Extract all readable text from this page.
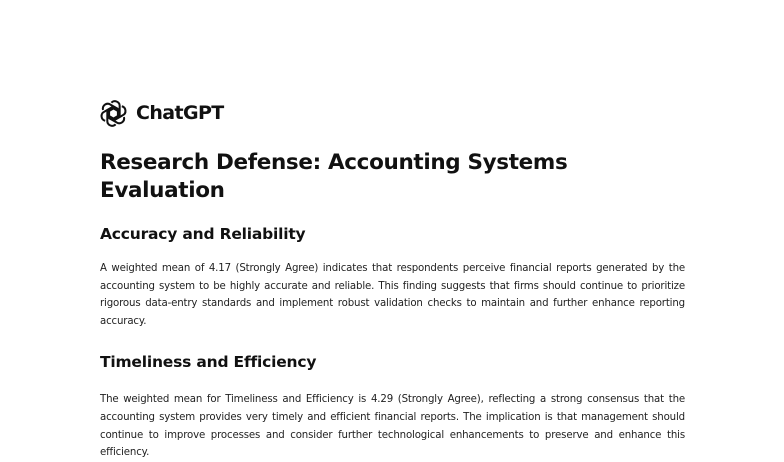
ChatGPT
Research Defense: Accounting Systems Evaluation
Accuracy and Reliability

A weighted mean of 4.17 (Strongly Agree) indicates that respondents perceive financial reports generated by the accounting system to be highly accurate and reliable. This finding suggests that firms should continue to prioritize rigorous data-entry standards and implement robust validation checks to maintain and further enhance reporting accuracy.

Timeliness and Efficiency

The weighted mean for Timeliness and Efficiency is 4.29 (Strongly Agree), reflecting a strong consensus that the accounting system provides very timely and efficient financial reports. The implication is that management should continue to improve processes and consider further technological enhancements to preserve and enhance this efficiency.
